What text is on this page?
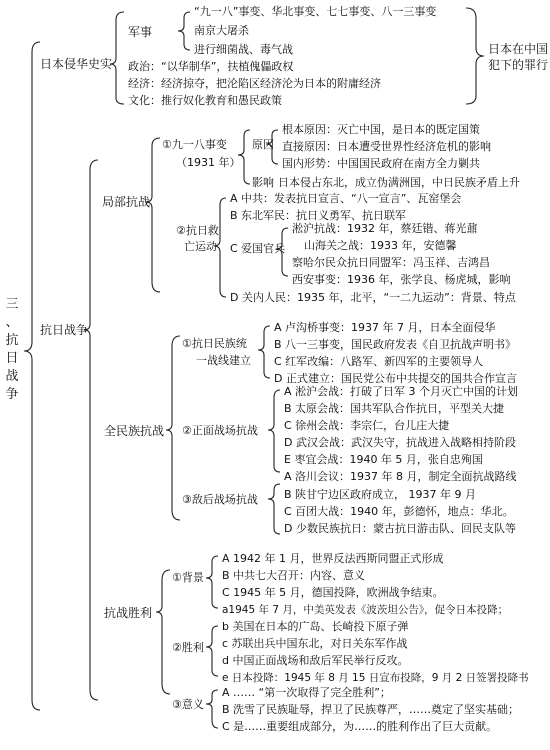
三
、
抗
日
战
争
日本侵华史实
军事
“九一八”事变、华北事变、七七事变、八一三事变
南京大屠杀
进行细菌战、毒气战
政治：“以华制华”，扶植傀儡政权
经济：经济掠夺，把沦陷区经济沦为日本的附庸经济
文化：推行奴化教育和愚民政策
日本在中国
犯下的罪行
抗日战争
局部抗战
①九一八事变
（1931 年）
原因
根本原因：灭亡中国，是日本的既定国策
直接原因：日本遭受世界性经济危机的影响
国内形势：中国国民政府在南方全力剿共
影响 日本侵占东北，成立伪满洲国，中日民族矛盾上升
②抗日救
亡运动
A 中共：发表抗日宣言、“八一宣言”、瓦窑堡会
B 东北军民：抗日义勇军、抗日联军
C 爱国官兵
淞沪抗战：1932 年，蔡廷锴、蒋光鼐
山海关之战：1933 年，安德馨
察哈尔民众抗日同盟军：冯玉祥、吉鸿昌
西安事变：1936 年，张学良、杨虎城，影响
D 关内人民：1935 年，北平，“一二九运动”：背景、特点
全民族抗战
①抗日民族统
一战线建立
A 卢沟桥事变：1937 年 7 月，日本全面侵华
B 八一三事变，国民政府发表《自卫抗战声明书》
C 红军改编：八路军、新四军的主要领导人
D 正式建立：国民党公布中共提交的国共合作宣言
②正面战场抗战
A 淞沪会战：打破了日军 3 个月灭亡中国的计划
B 太原会战：国共军队合作抗日，平型关大捷
C 徐州会战：李宗仁，台儿庄大捷
D 武汉会战：武汉失守，抗战进入战略相持阶段
E 枣宜会战：1940 年 5 月，张自忠殉国
A 洛川会议：1937 年 8 月，制定全面抗战路线
③敌后战场抗战 B 陕甘宁边区政府成立， 1937 年 9 月
C 百团大战：1940 年，彭德怀，地点：华北。
D 少数民族抗日：蒙古抗日游击队、回民支队等
抗战胜利
①背景
A 1942 年 1 月，世界反法西斯同盟正式形成
B 中共七大召开：内容、意义
C 1945 年 5 月，德国投降，欧洲战争结束。
a1945 年 7 月，中美英发表《波茨坦公告》，促令日本投降；
②胜利
b 美国在日本的广岛、长崎投下原子弹
c 苏联出兵中国东北，对日关东军作战
d 中国正面战场和敌后军民举行反攻。
e 日本投降：1945 年 8 月 15 日宣布投降，9 月 2 日签署投降书
③意义
A …… “第一次取得了完全胜利”；
B 洗雪了民族耻辱，捍卫了民族尊严，……奠定了坚实基础；
C 是……重要组成部分，为……的胜利作出了巨大贡献。
